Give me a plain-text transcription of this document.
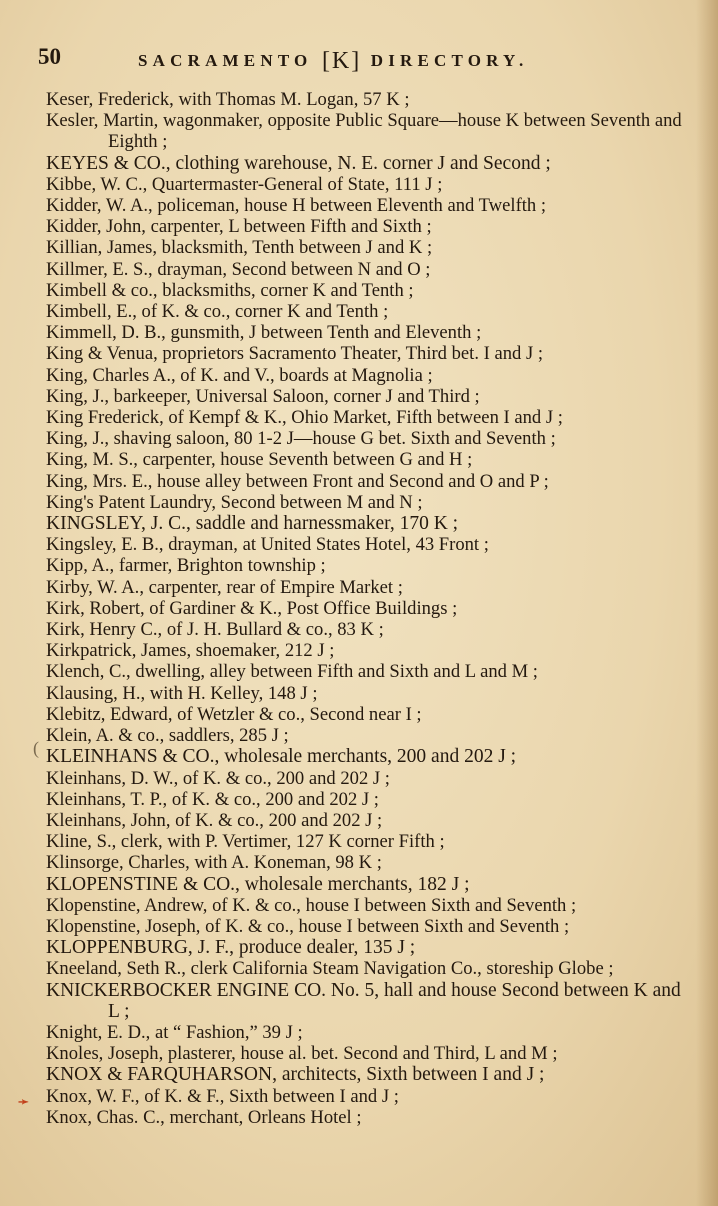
50	SACRAMENTO [K] DIRECTORY.
(
➛
Keser, Frederick, with Thomas M. Logan, 57 K ;
Kesler, Martin, wagonmaker, opposite Public Square—house K between Seventh and Eighth ;
KEYES & CO., clothing warehouse, N. E. corner J and Second ;
Kibbe, W. C., Quartermaster-General of State, 111 J ;
Kidder, W. A., policeman, house H between Eleventh and Twelfth ;
Kidder, John, carpenter, L between Fifth and Sixth ;
Killian, James, blacksmith, Tenth between J and K ;
Killmer, E. S., drayman, Second between N and O ;
Kimbell & co., blacksmiths, corner K and Tenth ;
Kimbell, E., of K. & co., corner K and Tenth ;
Kimmell, D. B., gunsmith, J between Tenth and Eleventh ;
King & Venua, proprietors Sacramento Theater, Third bet. I and J ;
King, Charles A., of K. and V., boards at Magnolia ;
King, J., barkeeper, Universal Saloon, corner J and Third ;
King Frederick, of Kempf & K., Ohio Market, Fifth between I and J ;
King, J., shaving saloon, 80 1-2 J—house G bet. Sixth and Seventh ;
King, M. S., carpenter, house Seventh between G and H ;
King, Mrs. E., house alley between Front and Second and O and P ;
King's Patent Laundry, Second between M and N ;
KINGSLEY, J. C., saddle and harnessmaker, 170 K ;
Kingsley, E. B., drayman, at United States Hotel, 43 Front ;
Kipp, A., farmer, Brighton township ;
Kirby, W. A., carpenter, rear of Empire Market ;
Kirk, Robert, of Gardiner & K., Post Office Buildings ;
Kirk, Henry C., of J. H. Bullard & co., 83 K ;
Kirkpatrick, James, shoemaker, 212 J ;
Klench, C., dwelling, alley between Fifth and Sixth and L and M ;
Klausing, H., with H. Kelley, 148 J ;
Klebitz, Edward, of Wetzler & co., Second near I ;
Klein, A. & co., saddlers, 285 J ;
KLEINHANS & CO., wholesale merchants, 200 and 202 J ;
Kleinhans, D. W., of K. & co., 200 and 202 J ;
Kleinhans, T. P., of K. & co., 200 and 202 J ;
Kleinhans, John, of K. & co., 200 and 202 J ;
Kline, S., clerk, with P. Vertimer, 127 K corner Fifth ;
Klinsorge, Charles, with A. Koneman, 98 K ;
KLOPENSTINE & CO., wholesale merchants, 182 J ;
Klopenstine, Andrew, of K. & co., house I between Sixth and Seventh ;
Klopenstine, Joseph, of K. & co., house I between Sixth and Seventh ;
KLOPPENBURG, J. F., produce dealer, 135 J ;
Kneeland, Seth R., clerk California Steam Navigation Co., storeship Globe ;
KNICKERBOCKER ENGINE CO. No. 5, hall and house Second between K and L ;
Knight, E. D., at “ Fashion,” 39 J ;
Knoles, Joseph, plasterer, house al. bet. Second and Third, L and M ;
KNOX & FARQUHARSON, architects, Sixth between I and J ;
Knox, W. F., of K. & F., Sixth between I and J ;
Knox, Chas. C., merchant, Orleans Hotel ;
